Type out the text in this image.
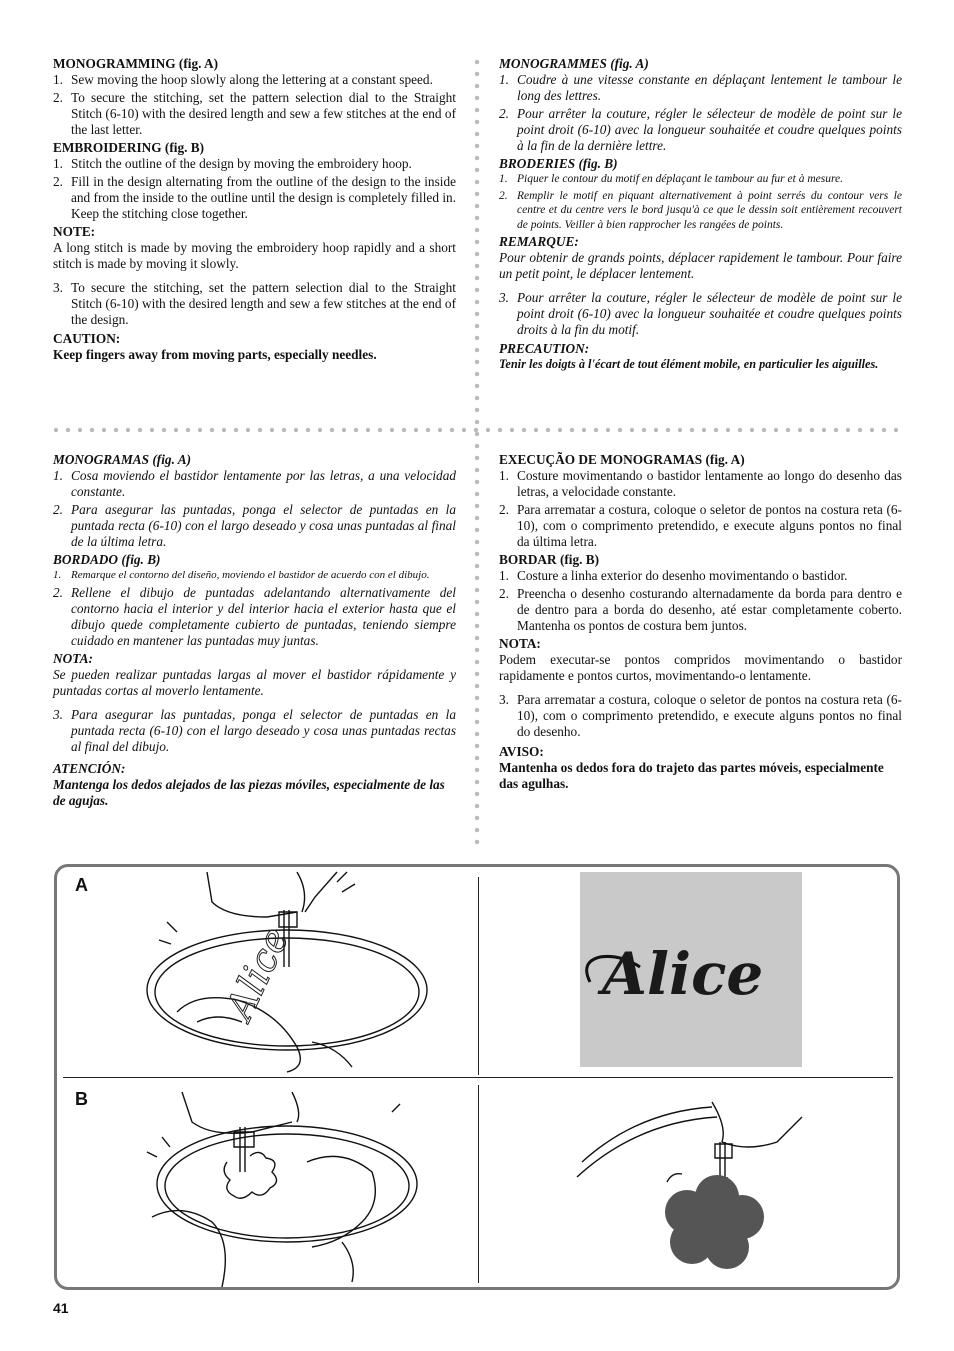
MONOGRAMMING (fig. A)

1. Sew moving the hoop slowly along the lettering at a constant speed.
2. To secure the stitching, set the pattern selection dial to the Straight Stitch (6-10) with the desired length and sew a few stitches at the end of the last letter.

EMBROIDERING (fig. B)

1. Stitch the outline of the design by moving the embroidery hoop.
2. Fill in the design alternating from the outline of the design to the inside and from the inside to the outline until the design is completely filled in. Keep the stitching close together.

NOTE:

A long stitch is made by moving the embroidery hoop rapidly and a short stitch is made by moving it slowly.

3. To secure the stitching, set the pattern selection dial to the Straight Stitch (6-10) with the desired length and sew a few stitches at the end of the design.

CAUTION:

Keep fingers away from moving parts, especially needles.

MONOGRAMMES (fig. A)

1. Coudre à une vitesse constante en déplaçant lentement le tambour le long des lettres.
2. Pour arrêter la couture, régler le sélecteur de modèle de point sur le point droit (6-10) avec la longueur souhaitée et coudre quelques points à la fin de la dernière lettre.

BRODERIES (fig. B)

1. Piquer le contour du motif en déplaçant le tambour au fur et à mesure.
2. Remplir le motif en piquant alternativement à point serrés du contour vers le centre et du centre vers le bord jusqu'à ce que le dessin soit entièrement recouvert de points. Veiller à bien rapprocher les rangées de points.

REMARQUE:

Pour obtenir de grands points, déplacer rapidement le tambour. Pour faire un petit point, le déplacer lentement.

3. Pour arrêter la couture, régler le sélecteur de modèle de point sur le point droit (6-10) avec la longueur souhaitée et coudre quelques points droits à la fin du motif.

PRECAUTION:

Tenir les doigts à l'écart de tout élément mobile, en particulier les aiguilles.

MONOGRAMAS (fig. A)

1. Cosa moviendo el bastidor lentamente por las letras, a una velocidad constante.
2. Para asegurar las puntadas, ponga el selector de puntadas en la puntada recta (6-10) con el largo deseado y cosa unas puntadas al final de la última letra.

BORDADO (fig. B)

1. Remarque el contorno del diseño, moviendo el bastidor de acuerdo con el dibujo.
2. Rellene el dibujo de puntadas adelantando alternativamente del contorno hacia el interior y del interior hacia el exterior hasta que el dibujo quede completamente cubierto de puntadas, teniendo siempre cuidado en mantener las puntadas muy juntas.

NOTA:

Se pueden realizar puntadas largas al mover el bastidor rápidamente y puntadas cortas al moverlo lentamente.

3. Para asegurar las puntadas, ponga el selector de puntadas en la puntada recta (6-10) con el largo deseado y cosa unas puntadas rectas al final del dibujo.

ATENCIÓN:

Mantenga los dedos alejados de las piezas móviles, especialmente de las de agujas.

EXECUÇÃO DE MONOGRAMAS (fig. A)

1. Costure movimentando o bastidor lentamente ao longo do desenho das letras, a velocidade constante.
2. Para arrematar a costura, coloque o seletor de pontos na costura reta (6-10), com o comprimento pretendido, e execute alguns pontos no final da última letra.

BORDAR (fig. B)

1. Costure a linha exterior do desenho movimentando o bastidor.
2. Preencha o desenho costurando alternadamente da borda para dentro e de dentro para a borda do desenho, até estar completamente coberto. Mantenha os pontos de costura bem juntos.

NOTA:

Podem executar-se pontos compridos movimentando o bastidor rapidamente e pontos curtos, movimentando-o lentamente.

3. Para arrematar a costura, coloque o seletor de pontos na costura reta (6-10), com o comprimento pretendido, e execute alguns pontos no final do desenho.

AVISO:

Mantenha os dedos fora do trajeto das partes móveis, especialmente das agulhas.

A
B
Alice	Alice
41
